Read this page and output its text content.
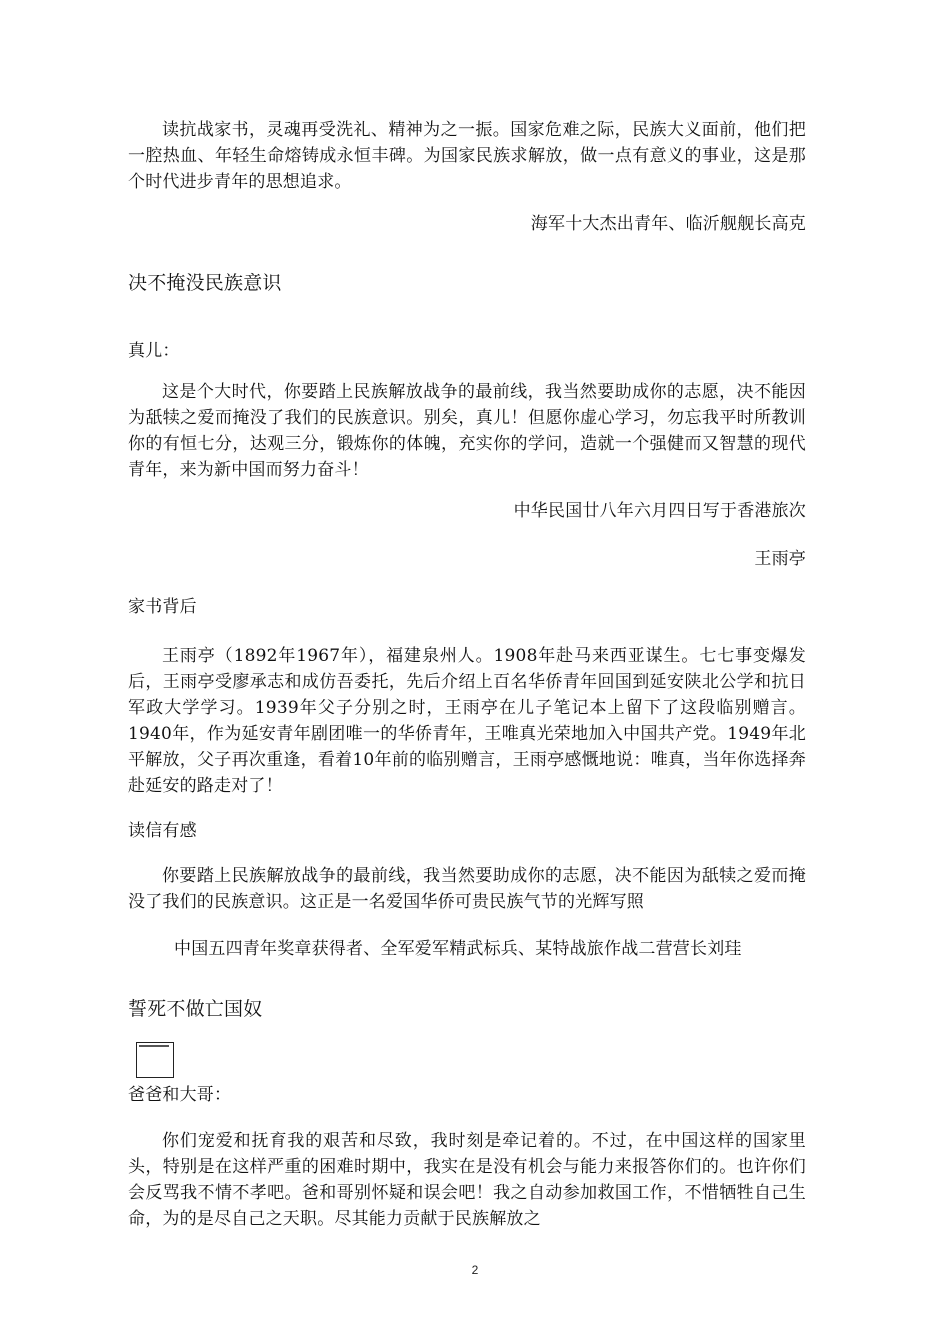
读抗战家书，灵魂再受洗礼、精神为之一振。国家危难之际，民族大义面前，他们把一腔热血、年轻生命熔铸成永恒丰碑。为国家民族求解放，做一点有意义的事业，这是那个时代进步青年的思想追求。
海军十大杰出青年、临沂舰舰长高克
决不掩没民族意识
真儿：
这是个大时代，你要踏上民族解放战争的最前线，我当然要助成你的志愿，决不能因为舐犊之爱而掩没了我们的民族意识。别矣，真儿！但愿你虚心学习，勿忘我平时所教训你的有恒七分，达观三分，锻炼你的体魄，充实你的学问，造就一个强健而又智慧的现代青年，来为新中国而努力奋斗！
中华民国廿八年六月四日写于香港旅次
王雨亭
家书背后
王雨亭（1892年1967年），福建泉州人。1908年赴马来西亚谋生。七七事变爆发后，王雨亭受廖承志和成仿吾委托，先后介绍上百名华侨青年回国到延安陕北公学和抗日军政大学学习。1939年父子分别之时，王雨亭在儿子笔记本上留下了这段临别赠言。1940年，作为延安青年剧团唯一的华侨青年，王唯真光荣地加入中国共产党。1949年北平解放，父子再次重逢，看着10年前的临别赠言，王雨亭感慨地说：唯真，当年你选择奔赴延安的路走对了！
读信有感
你要踏上民族解放战争的最前线，我当然要助成你的志愿，决不能因为舐犊之爱而掩没了我们的民族意识。这正是一名爱国华侨可贵民族气节的光辉写照
中国五四青年奖章获得者、全军爱军精武标兵、某特战旅作战二营营长刘珪
誓死不做亡国奴
爸爸和大哥：
你们宠爱和抚育我的艰苦和尽致，我时刻是牵记着的。不过，在中国这样的国家里头，特别是在这样严重的困难时期中，我实在是没有机会与能力来报答你们的。也许你们会反骂我不情不孝吧。爸和哥别怀疑和误会吧！我之自动参加救国工作，不惜牺牲自己生命，为的是尽自己之天职。尽其能力贡献于民族解放之
2
